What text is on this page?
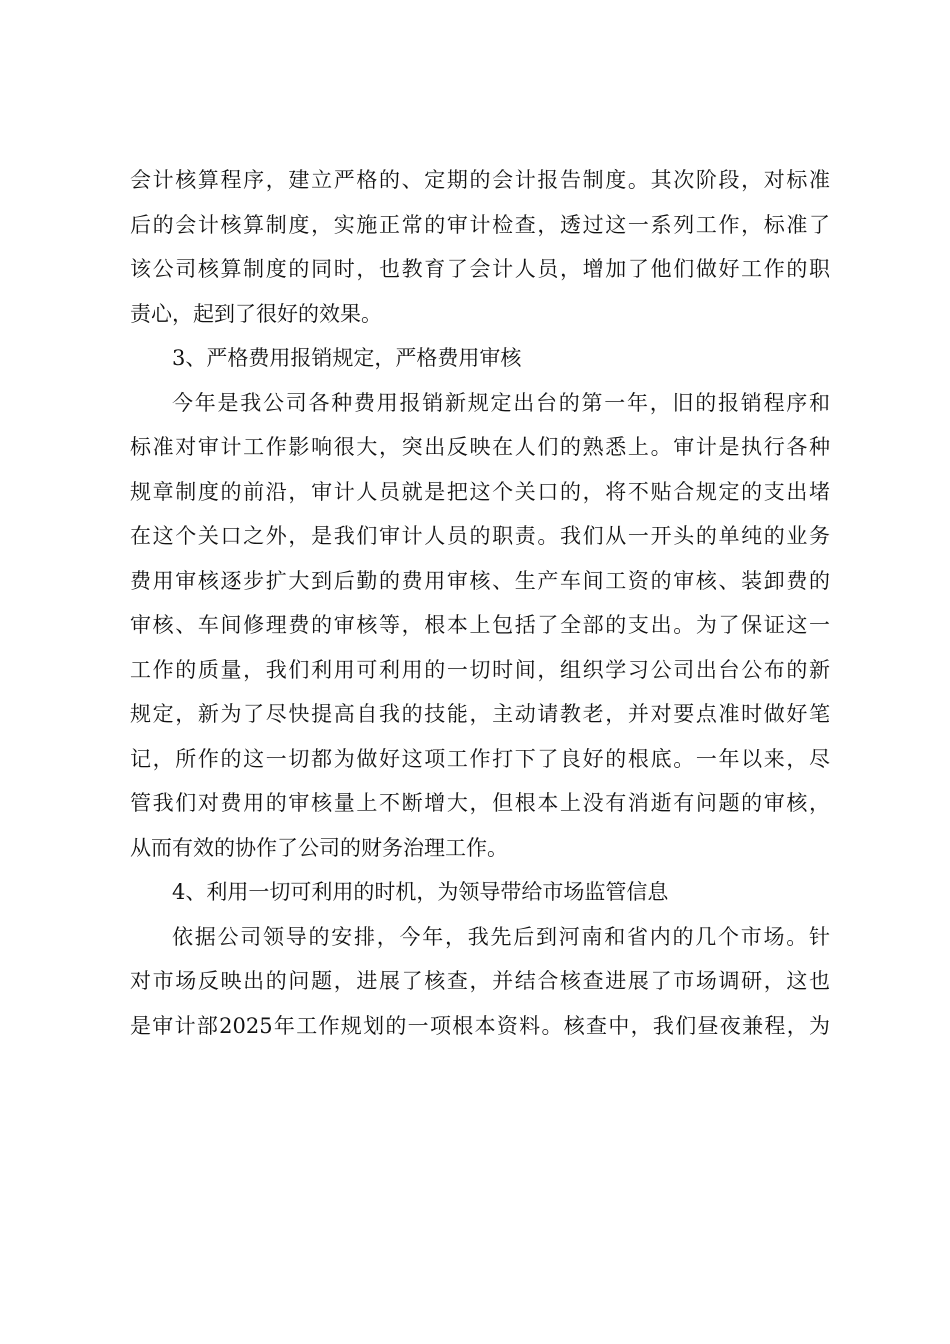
会计核算程序，建立严格的、定期的会计报告制度。其次阶段，对标准
后的会计核算制度，实施正常的审计检查，透过这一系列工作，标准了
该公司核算制度的同时，也教育了会计人员，增加了他们做好工作的职
责心，起到了很好的效果。
3、严格费用报销规定，严格费用审核
今年是我公司各种费用报销新规定出台的第一年，旧的报销程序和
标准对审计工作影响很大，突出反映在人们的熟悉上。审计是执行各种
规章制度的前沿，审计人员就是把这个关口的，将不贴合规定的支出堵
在这个关口之外，是我们审计人员的职责。我们从一开头的单纯的业务
费用审核逐步扩大到后勤的费用审核、生产车间工资的审核、装卸费的
审核、车间修理费的审核等，根本上包括了全部的支出。为了保证这一
工作的质量，我们利用可利用的一切时间，组织学习公司出台公布的新
规定，新为了尽快提高自我的技能，主动请教老，并对要点准时做好笔
记，所作的这一切都为做好这项工作打下了良好的根底。一年以来，尽
管我们对费用的审核量上不断增大，但根本上没有消逝有问题的审核，
从而有效的协作了公司的财务治理工作。
4、利用一切可利用的时机，为领导带给市场监管信息
依据公司领导的安排，今年，我先后到河南和省内的几个市场。针
对市场反映出的问题，进展了核查，并结合核查进展了市场调研，这也
是审计部2025年工作规划的一项根本资料。核查中，我们昼夜兼程，为
